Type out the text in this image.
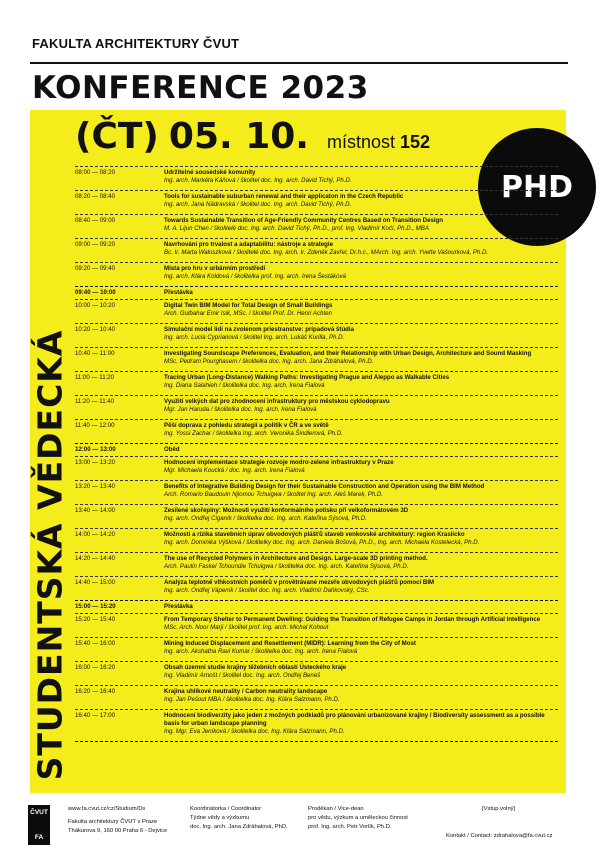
FAKULTA ARCHITEKTURY ČVUT
KONFERENCE 2023
(ČT) 05. 10. místnost 152
PHD
STUDENTSKÁ VĚDECKÁ
08:00 — 08:20	Udržitelné sousedské komunity
Ing. arch. Markéta Káňová / školitel doc. Ing. arch. David Tichý, Ph.D.
08:20 — 08:40	Tools for sustainable suburban renewal and their applicaton in the Czech Republic
Ing. arch. Jana Nádravská / školitel doc. Ing. arch. David Tichý, Ph.D.
08:40 — 09:00	Towards Sustainable Transition of Age-Friendly Community Centres Based on Transition Design
M. A. Lijun Chen / školitelé doc. Ing. arch. David Tichý, Ph.D., prof. Ing. Vladimír Kočí, Ph.D., MBA
09:00 — 09:20	Navrhování pro trvalost a adaptabilitu: nástroje a strategie
Bc. Ir. Marta Waloszková / školitelé doc. Ing. arch. Ir. Zdeněk Zavřel, Dr.h.c., MArch. Ing. arch. Yvette Vašourková, Ph.D.
09:20 — 09:40	Místa pro hru v urbánním prostředí
Ing. arch. Klára Koldová / školitelka prof. Ing. arch. Irena Šestáková
09:40 — 10:00	Přestávka
10:00 — 10:20	Digital Twin BIM Model for Total Design of Small Buildings
Arch. Gulbahar Emir Isik, MSc. / školitel Prof. Dr. Henri Achten
10:20 — 10:40	Simulační model lidí na zvolenom priestranstve: prípadová štúdia
Ing. arch. Lucia Cyprianová / školitel Ing. arch. Lukáš Kurilla, Ph.D.
10:40 — 11:00	Investigating Soundscape Preferences, Evaluation, and their Relationship with Urban Design, Architecture and Sound Masking
MSc. Pedram Pourghasem / školitelka doc. Ing. arch. Jana Zdráhalová, Ph.D.
11:00 — 11:20	Tracing Urban (Long-Distance) Walking Paths: Investigating Prague and Aleppo as Walkable Cities
Ing. Diana Salahieh / školitelka doc. Ing. arch. Irena Fialová
11:20 — 11:40	Využití velkých dat pro zhodnocení infrastruktury pro městskou cyklodopravu
Mgr. Jan Haruda / školitelka doc. Ing. arch. Irena Fialová
11:40 — 12:00	Pěší doprava z pohledu strategií a politik v ČR a ve světě
Ing. Yossi Zachar / školitelka Ing. arch. Veronika Šindlerová, Ph.D.
12:00 — 13:00	Oběd
13:00 — 13:20	Hodnocení implementace strategie rozvoje modro-zelené infrastruktury v Praze
Mgr. Michaela Koucká / doc. Ing. arch. Irena Fialová
13:20 — 13:40	Benefits of Integrative Building Design for their Sustainable Construction and Operation using the BIM Method
Arch. Romario Baudouin Njiomou Tchuigwa / školitel Ing. arch. Aleš Marek, Ph.D.
13:40 — 14:00	Zesílené skořepiny: Možnosti využití konformálního potisku při velkoformátovém 3D
Ing. arch. Ondřej Ciganík / školitelka doc. Ing. arch. Kateřina Sýsová, Ph.D.
14:00 — 14:20	Možnosti a rizika stavebních úprav obvodových plášťů staveb venkovské architektury: region Kraslicko
Ing. arch. Dominika Výšková / školitelky doc. Ing. arch. Daniela Bošová, Ph.D., Ing. arch. Michaela Kostelecká, Ph.D.
14:20 — 14:40	The use of Recycled Polymers in Architecture and Design. Large-scale 3D printing method.
Arch. Paulin Faskel Tchoundie Tchuigwa / školitelka doc. Ing. arch. Kateřina Sýsová, Ph.D.
14:40 — 15:00	Analýza teplotně vlhkostních poměrů v provětrávané mezeře obvodových plášťů pomocí BIM
Ing. arch. Ondřej Vápeník / školitel doc. Ing. arch. Vladimír Daňkovský, CSc.
15:00 — 15:20	Přestávka
15:20 — 15:40	From Temporary Shelter to Permanent Dwelling: Guiding the Transition of Refugee Camps in Jordan through Artificial Intelligence
MSc. Arch. Noor Marji / školitel prof. Ing. arch. Michal Kohout
15:40 — 16:00	Mining Induced Displacement and Resettlement (MIDR): Learning from the City of Most
Ing. arch. Akshatha Ravi Kumar / školitelka doc. Ing. arch. Irena Fialová
16:00 — 16:20	Obsah územní studie krajiny těžebních oblastí Ústeckého kraje
Ing. Vladimír Arnošt / školitel doc. Ing. arch. Ondřej Beneš
16:20 — 16:40	Krajina uhlíkové neutrality / Carbon neutrality landscape
Ing. Jan Pešout MBA / školitelka doc. Ing. Klára Salzmann, Ph.D.
16:40 — 17:00	Hodnocení biodiverzity jako jeden z možných podkladů pro plánování urbanizované krajiny / Biodiversity assessment as a possible basis for urban landscape planning
Ing. Mgr. Eva Jeníková / školitelka doc. Ing. Klára Salzmann, Ph.D.
ČVUT
FA
www.fa.cvut.cz/cz/Studium/Ds
Fakulta architektury ČVUT v Praze
Thákurova 9, 160 00 Praha 6 - Dejvice
Koordinátorka / Coordinator
Týdne vědy a výzkumu
doc. Ing. arch. Jana Zdráhalová, PhD.
Proděkan / Vice-dean
pro vědu, výzkum a uměleckou činnost
prof. Ing. arch. Petr Vorlík, Ph.D.
[Vstup volný]
Kontakt / Contact: zdrahalova@fa.cvut.cz
